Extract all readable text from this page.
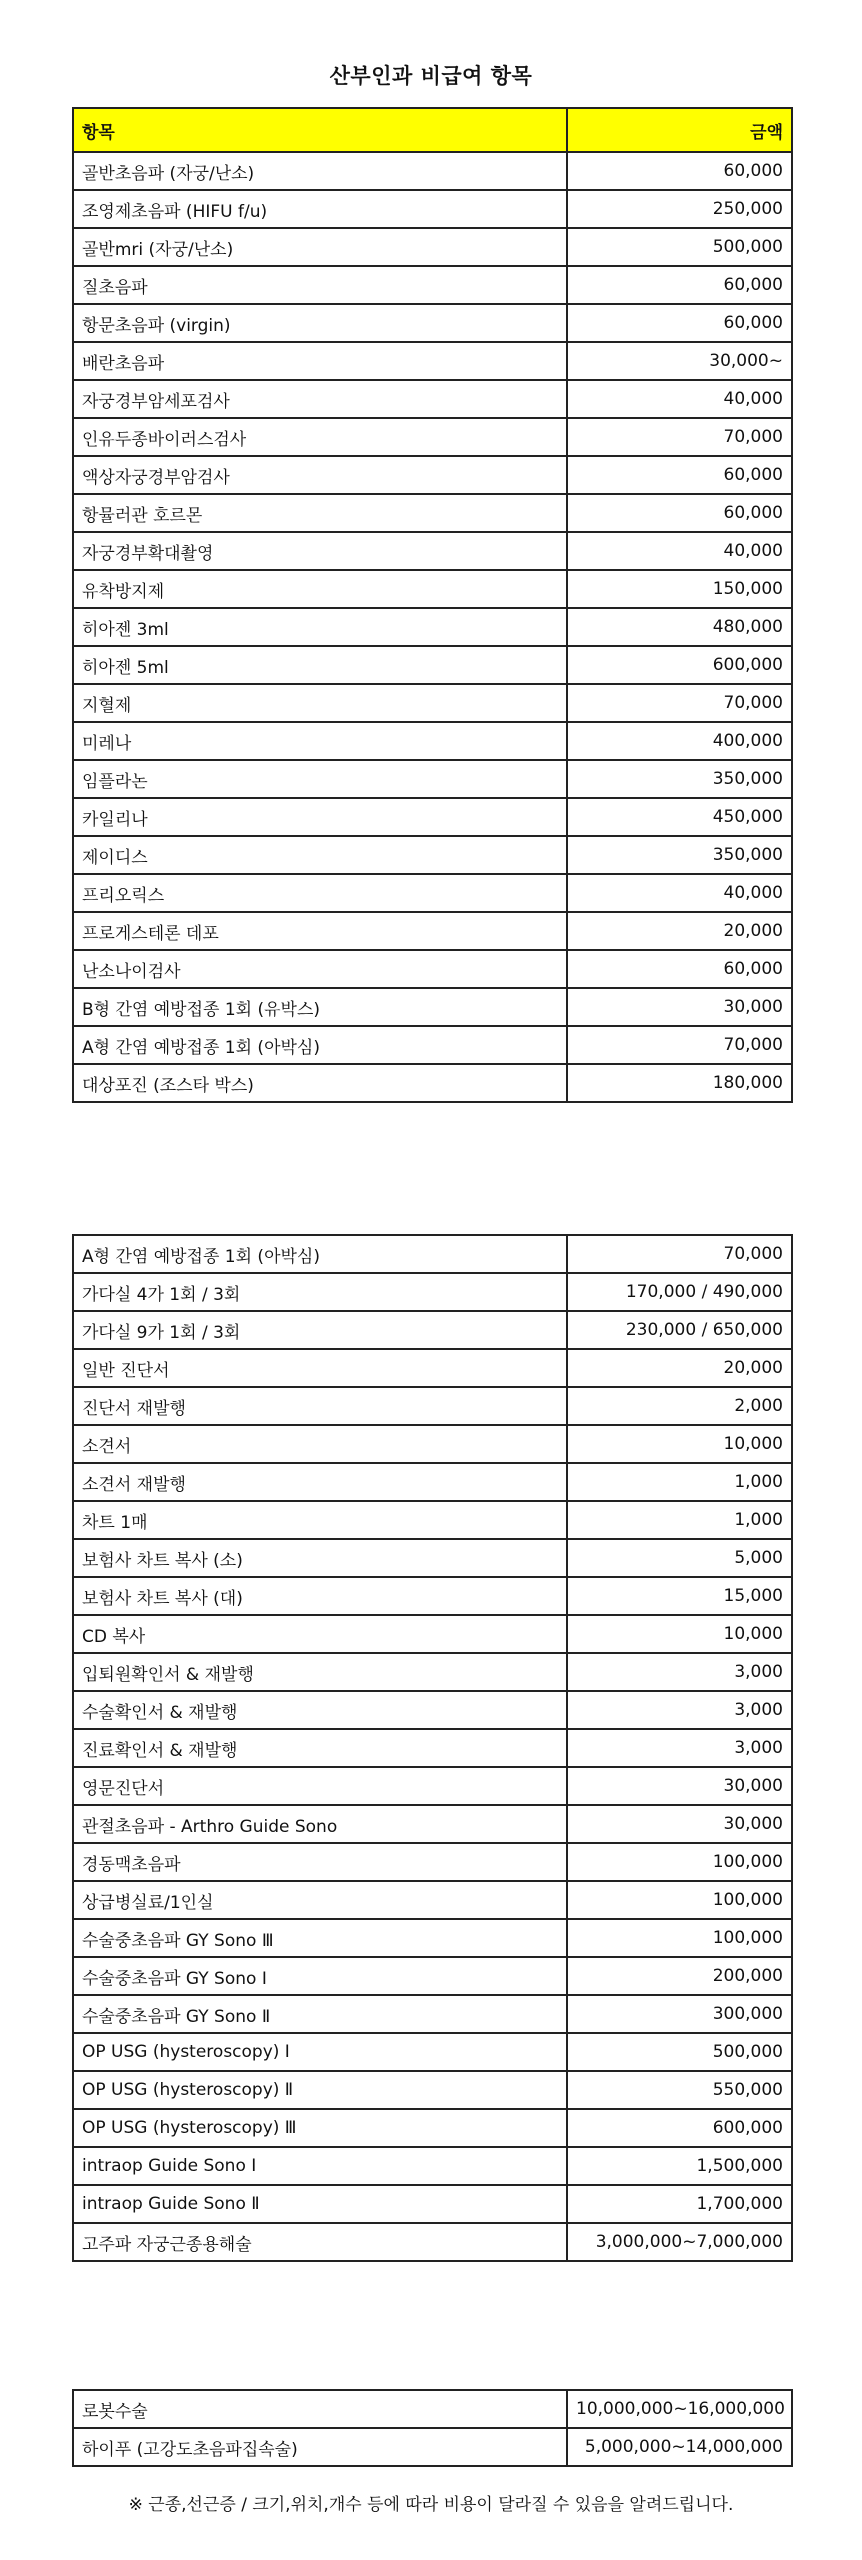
산부인과 비급여 항목
항목	금액
골반초음파 (자궁/난소)	60,000
조영제초음파 (HIFU f/u)	250,000
골반mri (자궁/난소)	500,000
질초음파	60,000
항문초음파 (virgin)	60,000
배란초음파	30,000~
자궁경부암세포검사	40,000
인유두종바이러스검사	70,000
액상자궁경부암검사	60,000
항뮬러관 호르몬	60,000
자궁경부확대촬영	40,000
유착방지제	150,000
히아젠 3ml	480,000
히아젠 5ml	600,000
지혈제	70,000
미레나	400,000
임플라논	350,000
카일리나	450,000
제이디스	350,000
프리오릭스	40,000
프로게스테론 데포	20,000
난소나이검사	60,000
B형 간염 예방접종 1회 (유박스)	30,000
A형 간염 예방접종 1회 (아박심)	70,000
대상포진 (조스타 박스)	180,000
A형 간염 예방접종 1회 (아박심)	70,000
가다실 4가 1회 / 3회	170,000 / 490,000
가다실 9가 1회 / 3회	230,000 / 650,000
일반 진단서	20,000
진단서 재발행	2,000
소견서	10,000
소견서 재발행	1,000
차트 1매	1,000
보험사 차트 복사 (소)	5,000
보험사 차트 복사 (대)	15,000
CD 복사	10,000
입퇴원확인서 & 재발행	3,000
수술확인서 & 재발행	3,000
진료확인서 & 재발행	3,000
영문진단서	30,000
관절초음파 - Arthro Guide Sono	30,000
경동맥초음파	100,000
상급병실료/1인실	100,000
수술중초음파 GY Sono Ⅲ	100,000
수술중초음파 GY Sono Ⅰ	200,000
수술중초음파 GY Sono Ⅱ	300,000
OP USG (hysteroscopy) Ⅰ	500,000
OP USG (hysteroscopy) Ⅱ	550,000
OP USG (hysteroscopy) Ⅲ	600,000
intraop Guide Sono Ⅰ	1,500,000
intraop Guide Sono Ⅱ	1,700,000
고주파 자궁근종용해술	3,000,000~7,000,000
로봇수술	10,000,000~16,000,000
하이푸 (고강도초음파집속술)	5,000,000~14,000,000
※ 근종,선근증 / 크기,위치,개수 등에 따라 비용이 달라질 수 있음을 알려드립니다.
